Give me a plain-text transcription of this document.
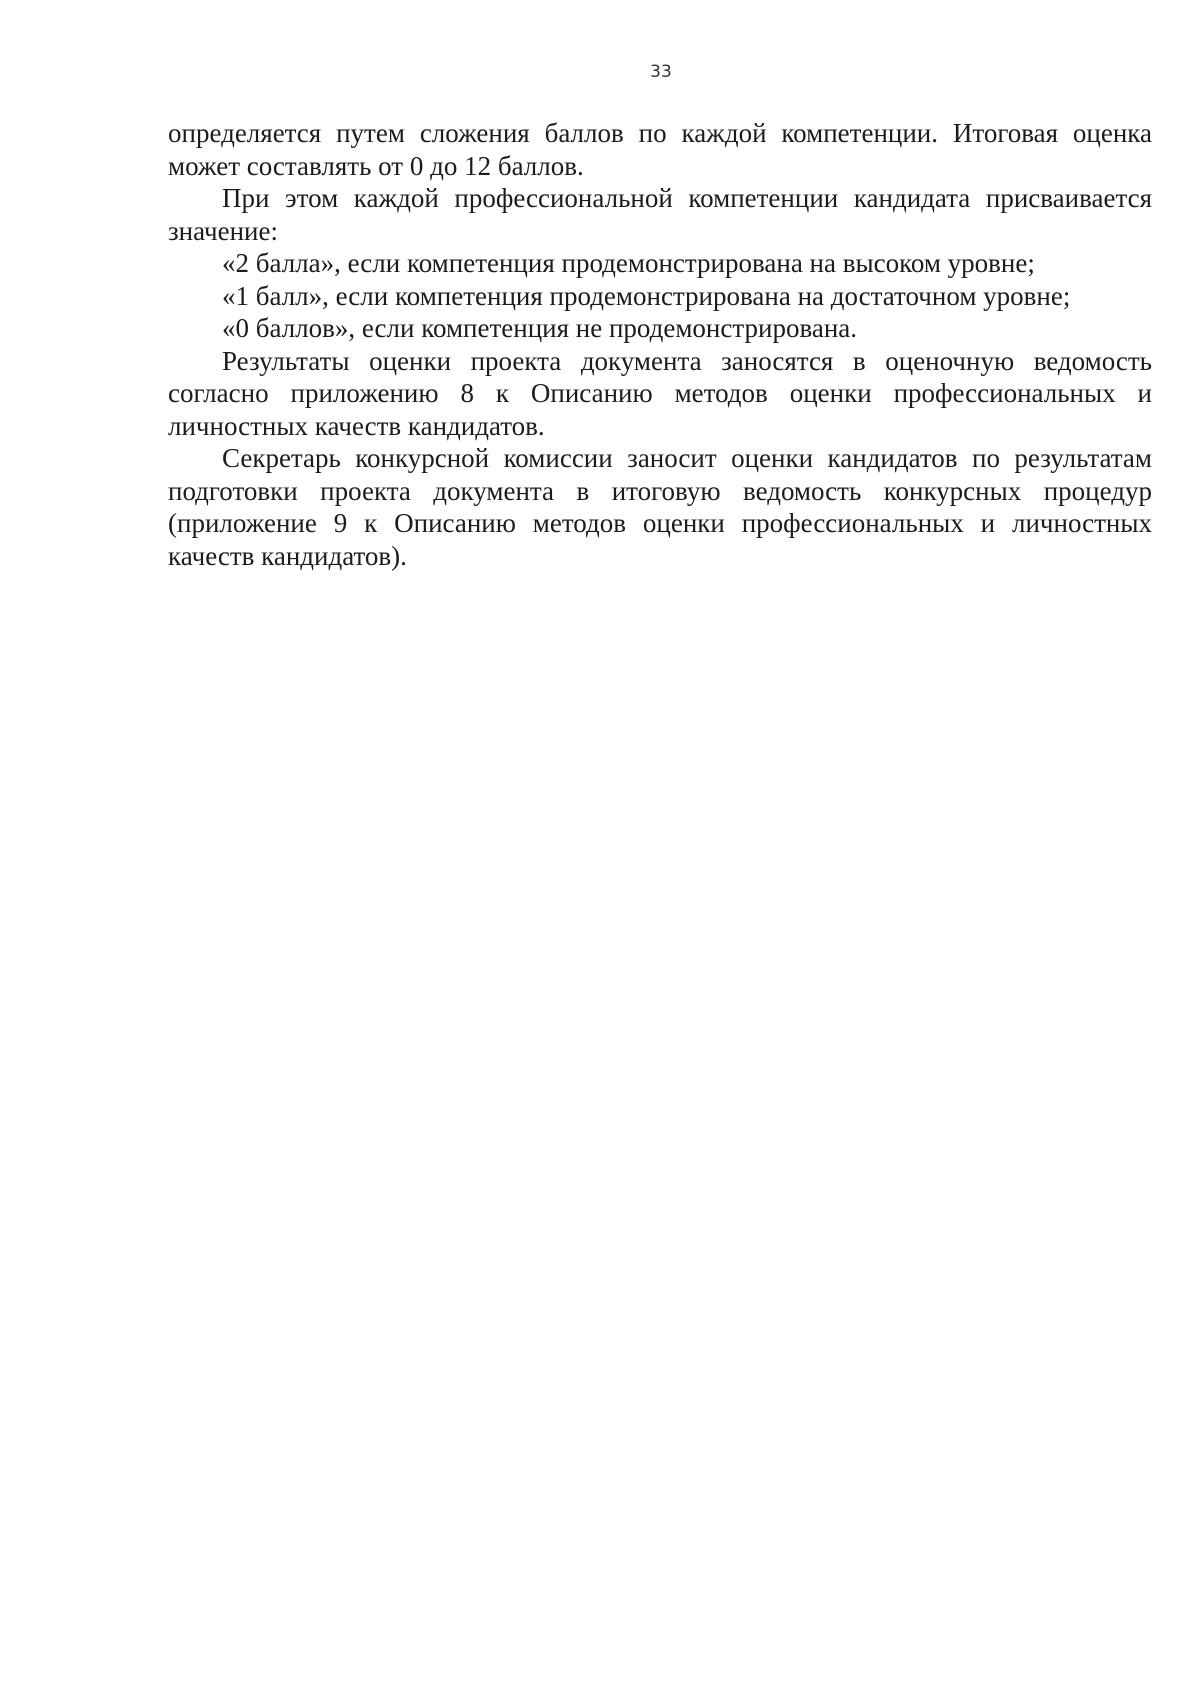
33

определяется путем сложения баллов по каждой компетенции. Итоговая оценка может составлять от 0 до 12 баллов.

При этом каждой профессиональной компетенции кандидата присваивается значение:

«2 балла», если компетенция продемонстрирована на высоком уровне;

«1 балл», если компетенция продемонстрирована на достаточном уровне;

«0 баллов», если компетенция не продемонстрирована.

Результаты оценки проекта документа заносятся в оценочную ведомость согласно приложению 8 к Описанию методов оценки профессиональных и личностных качеств кандидатов.

Секретарь конкурсной комиссии заносит оценки кандидатов по результатам подготовки проекта документа в итоговую ведомость конкурсных процедур (приложение 9 к Описанию методов оценки профессиональных и личностных качеств кандидатов).
